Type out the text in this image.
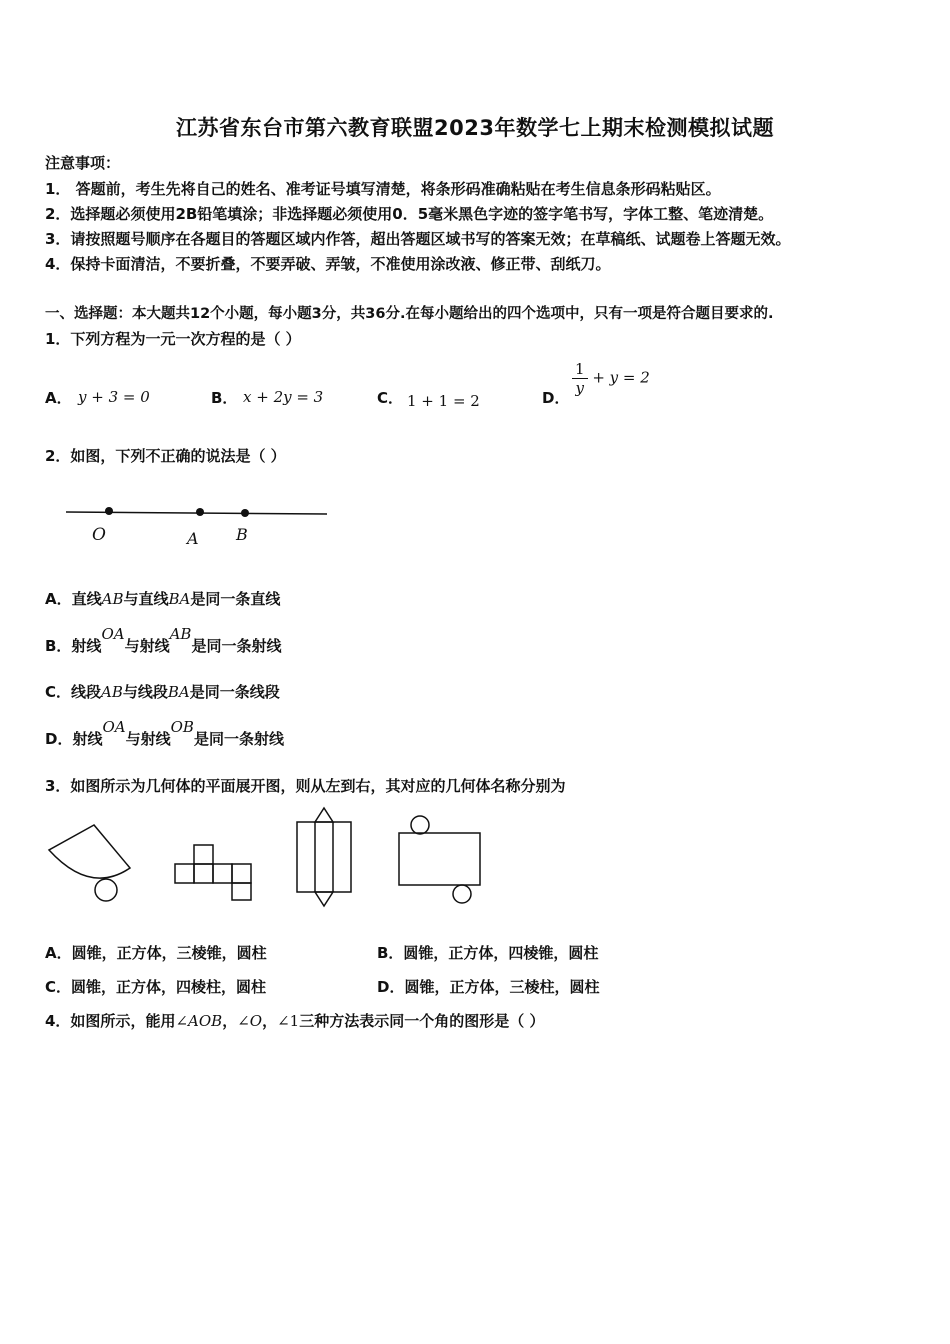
江苏省东台市第六教育联盟2023年数学七上期末检测模拟试题
注意事项：
1． 答题前，考生先将自己的姓名、准考证号填写清楚，将条形码准确粘贴在考生信息条形码粘贴区。
2．选择题必须使用2B铅笔填涂；非选择题必须使用0．5毫米黑色字迹的签字笔书写，字体工整、笔迹清楚。
3．请按照题号顺序在各题目的答题区域内作答，超出答题区域书写的答案无效；在草稿纸、试题卷上答题无效。
4．保持卡面清洁，不要折叠，不要弄破、弄皱，不准使用涂改液、修正带、刮纸刀。
一、选择题：本大题共12个小题，每小题3分，共36分.在每小题给出的四个选项中，只有一项是符合题目要求的.
1．下列方程为一元一次方程的是（ ）
A． y + 3 = 0	B． x + 2y = 3	C． 1 + 1 = 2	D．
$\frac{1}{y} + y = 2$
2．如图，下列不正确的说法是（ ）
O	A B
A．直线AB与直线BA是同一条直线
B．射线OA与射线AB是同一条射线
C．线段AB与线段BA是同一条线段
D．射线OA与射线OB是同一条射线
3．如图所示为几何体的平面展开图，则从左到右，其对应的几何体名称分别为
A．圆锥，正方体，三棱锥，圆柱	B．圆锥，正方体，四棱锥，圆柱
C．圆锥，正方体，四棱柱，圆柱	D．圆锥，正方体，三棱柱，圆柱
4．如图所示，能用∠AOB，∠O，∠1三种方法表示同一个角的图形是（ ）
